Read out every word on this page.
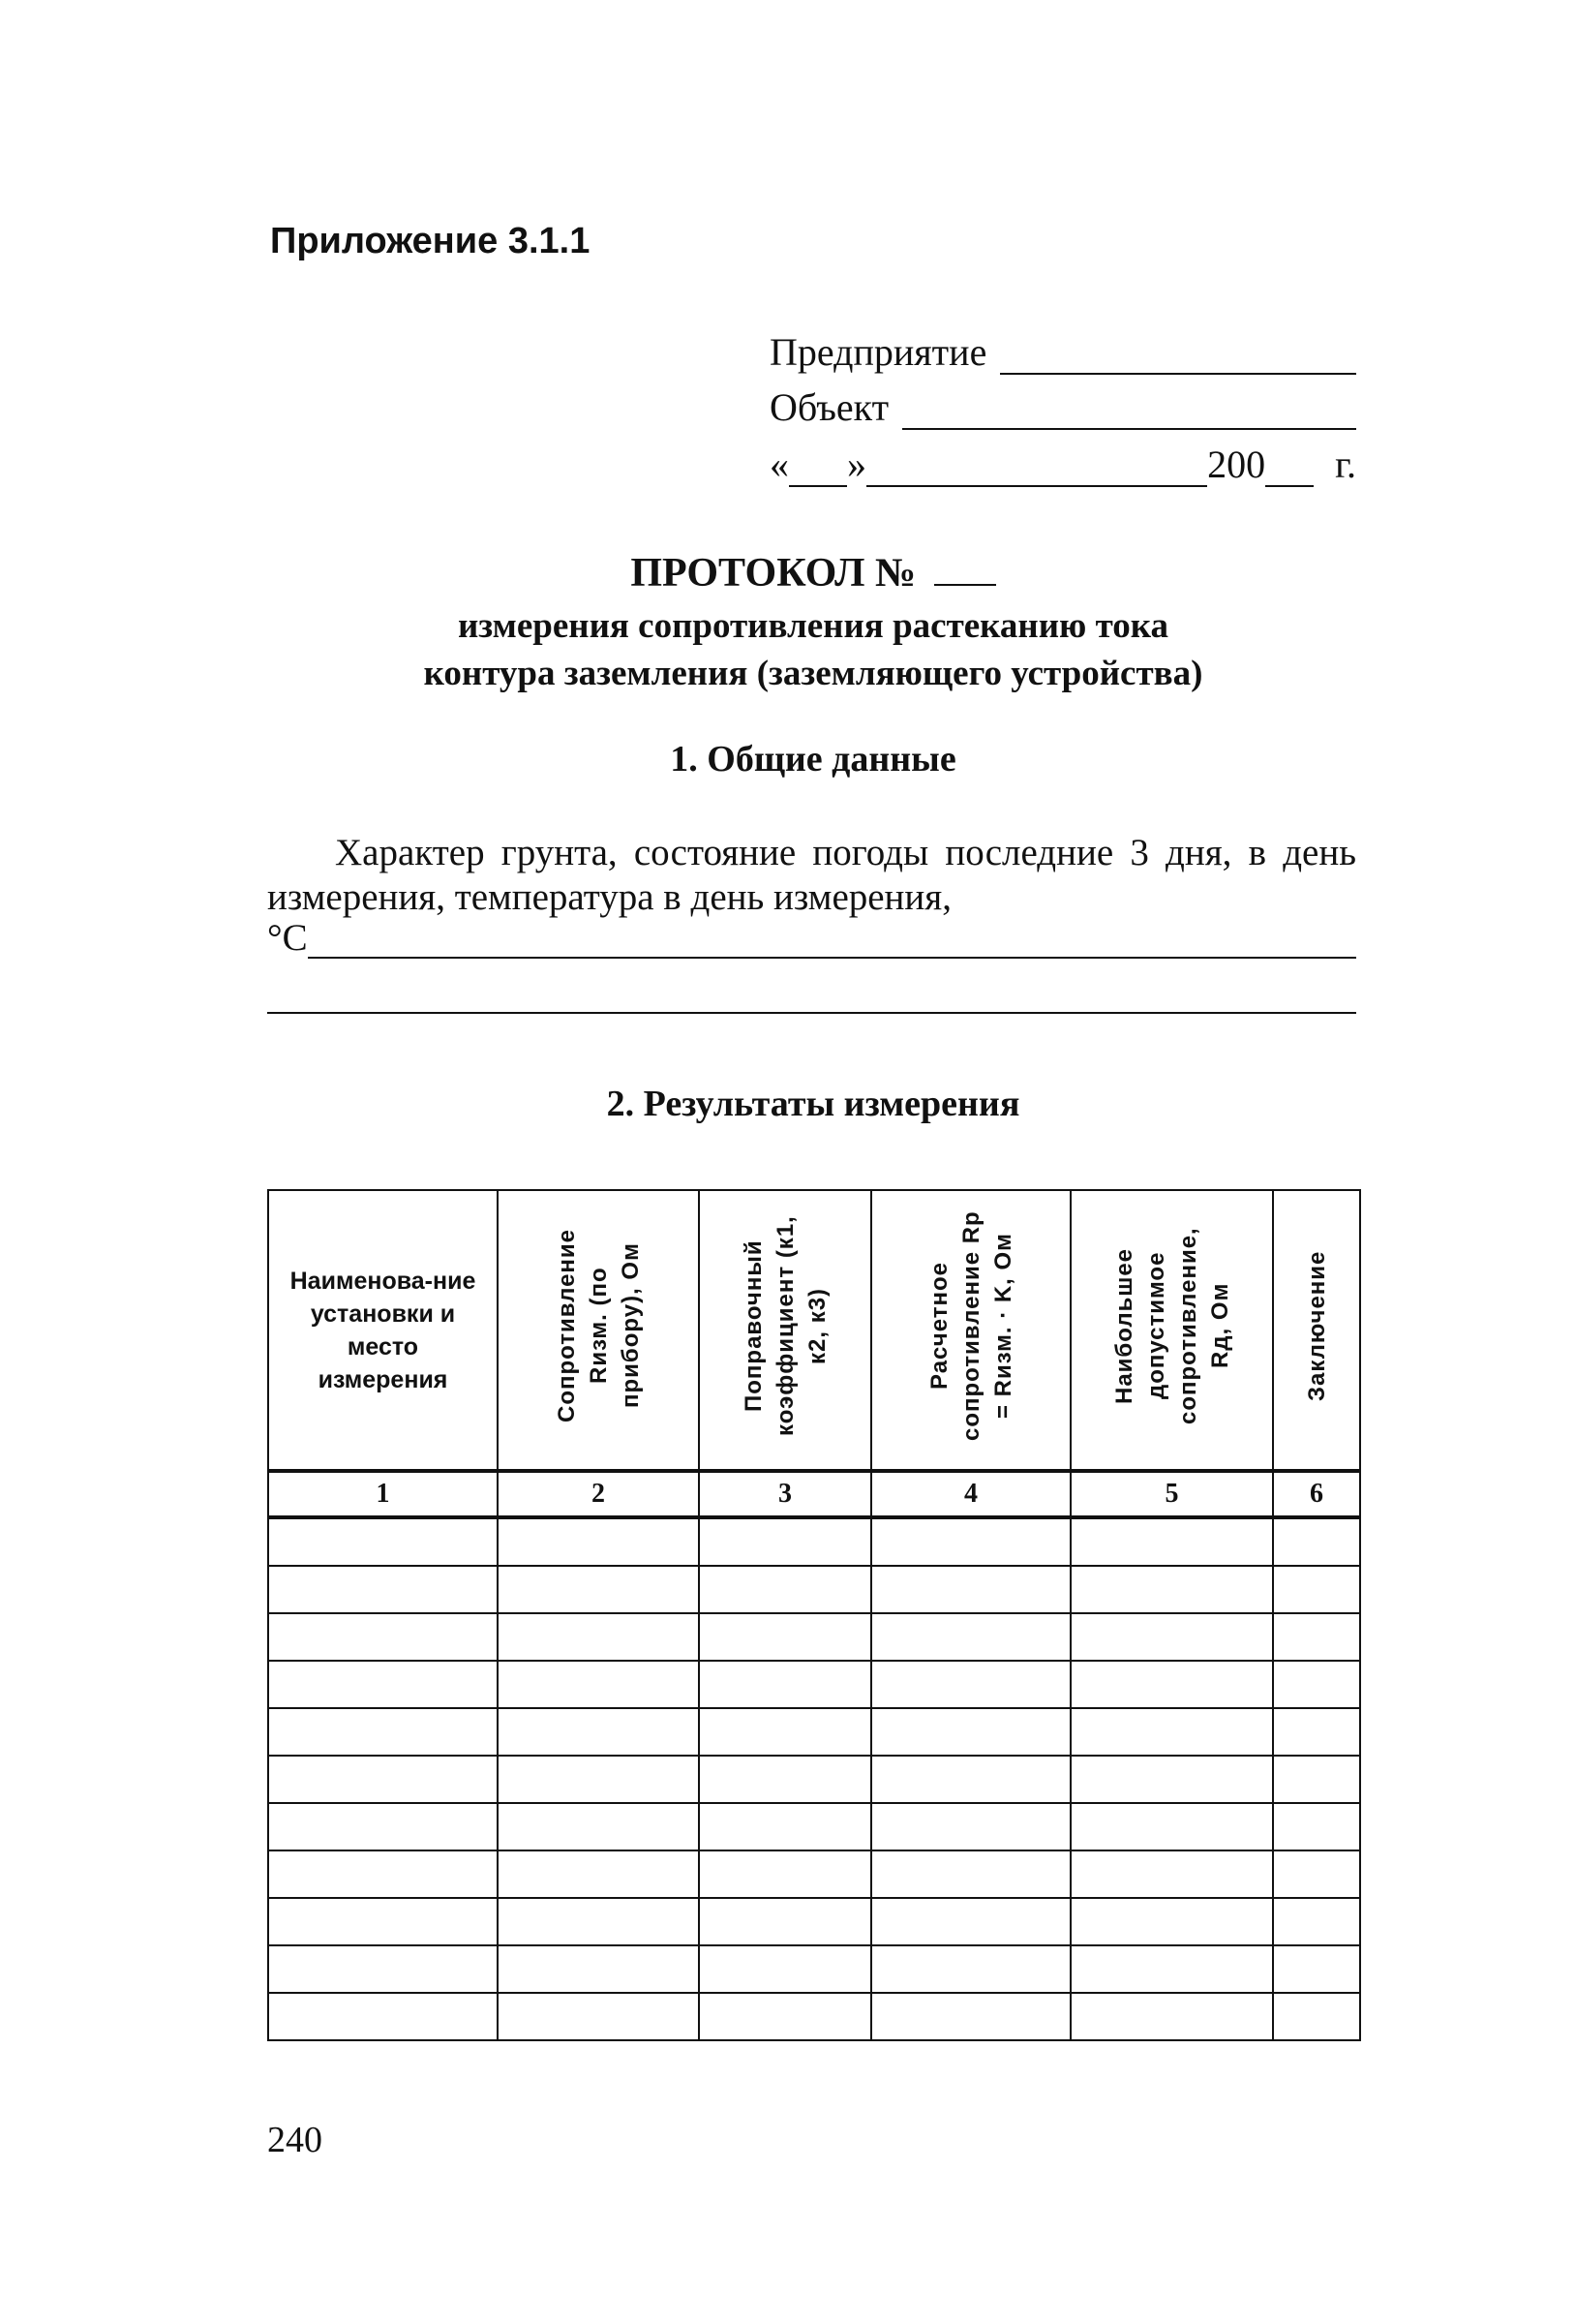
Приложение 3.1.1
Предприятие
Объект
« »	200 г.
ПРОТОКОЛ №
измерения сопротивления растеканию тока
контура заземления (заземляющего устройства)
1. Общие данные
Характер грунта, состояние погоды последние 3 дня, в день измерения, температура в день измерения,
°С
2. Результаты измерения
Наименова-ние установки и место измерения	Сопротивление Rизм. (по прибору), Ом	Поправочный коэффициент (к1, к2, к3)	Расчетное сопротивление Rр = Rизм. · K, Ом	Наибольшее допустимое сопротивление, Rд, Ом	Заключение
1	2	3	4	5	6

240
